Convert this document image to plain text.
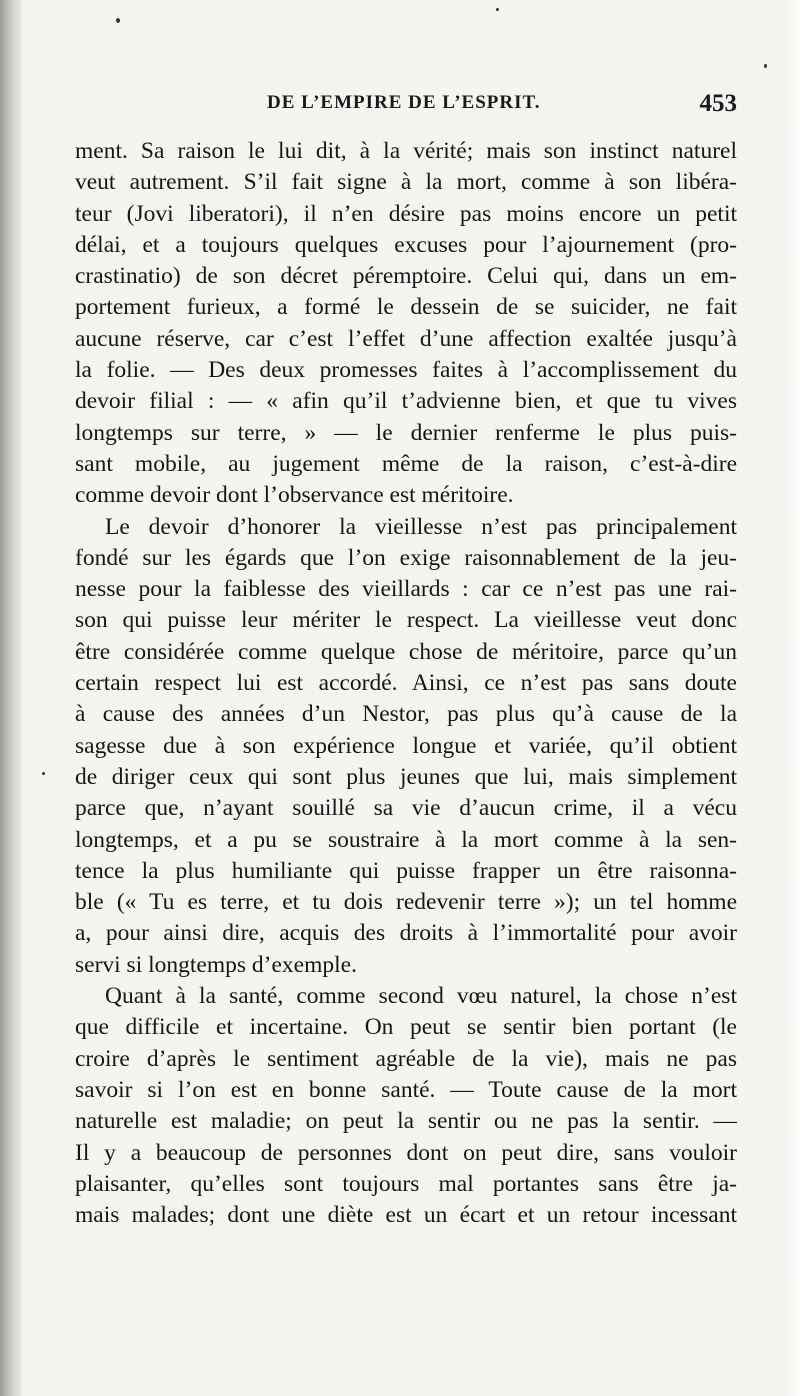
DE L’EMPIRE DE L’ESPRIT.	453
ment. Sa raison le lui dit, à la vérité; mais son instinct naturel
veut autrement. S’il fait signe à la mort, comme à son libéra-
teur (Jovi liberatori), il n’en désire pas moins encore un petit
délai, et a toujours quelques excuses pour l’ajournement (pro-
crastinatio) de son décret péremptoire. Celui qui, dans un em-
portement furieux, a formé le dessein de se suicider, ne fait
aucune réserve, car c’est l’effet d’une affection exaltée jusqu’à
la folie. — Des deux promesses faites à l’accomplissement du
devoir filial : — « afin qu’il t’advienne bien, et que tu vives
longtemps sur terre, » — le dernier renferme le plus puis-
sant mobile, au jugement même de la raison, c’est-à-dire
comme devoir dont l’observance est méritoire.
Le devoir d’honorer la vieillesse n’est pas principalement
fondé sur les égards que l’on exige raisonnablement de la jeu-
nesse pour la faiblesse des vieillards : car ce n’est pas une rai-
son qui puisse leur mériter le respect. La vieillesse veut donc
être considérée comme quelque chose de méritoire, parce qu’un
certain respect lui est accordé. Ainsi, ce n’est pas sans doute
à cause des années d’un Nestor, pas plus qu’à cause de la
sagesse due à son expérience longue et variée, qu’il obtient
de diriger ceux qui sont plus jeunes que lui, mais simplement
parce que, n’ayant souillé sa vie d’aucun crime, il a vécu
longtemps, et a pu se soustraire à la mort comme à la sen-
tence la plus humiliante qui puisse frapper un être raisonna-
ble (« Tu es terre, et tu dois redevenir terre »); un tel homme
a, pour ainsi dire, acquis des droits à l’immortalité pour avoir
servi si longtemps d’exemple.
Quant à la santé, comme second vœu naturel, la chose n’est
que difficile et incertaine. On peut se sentir bien portant (le
croire d’après le sentiment agréable de la vie), mais ne pas
savoir si l’on est en bonne santé. — Toute cause de la mort
naturelle est maladie; on peut la sentir ou ne pas la sentir. —
Il y a beaucoup de personnes dont on peut dire, sans vouloir
plaisanter, qu’elles sont toujours mal portantes sans être ja-
mais malades; dont une diète est un écart et un retour incessant
